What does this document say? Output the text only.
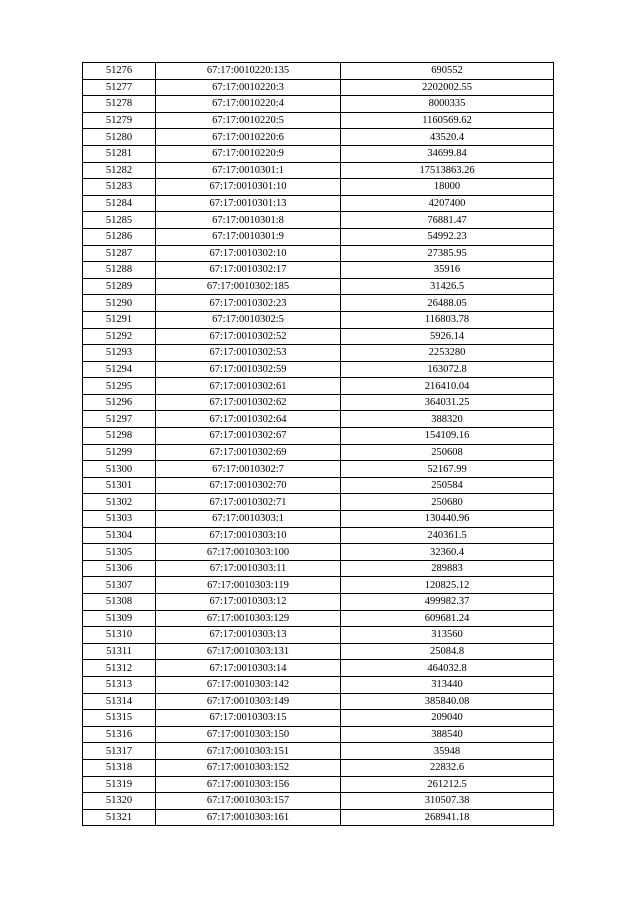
51276	67:17:0010220:135	690552
51277	67:17:0010220:3	2202002.55
51278	67:17:0010220:4	8000335
51279	67:17:0010220:5	1160569.62
51280	67:17:0010220:6	43520.4
51281	67:17:0010220:9	34699.84
51282	67:17:0010301:1	17513863.26
51283	67:17:0010301:10	18000
51284	67:17:0010301:13	4207400
51285	67:17:0010301:8	76881.47
51286	67:17:0010301:9	54992.23
51287	67:17:0010302:10	27385.95
51288	67:17:0010302:17	35916
51289	67:17:0010302:185	31426.5
51290	67:17:0010302:23	26488.05
51291	67:17:0010302:5	116803.78
51292	67:17:0010302:52	5926.14
51293	67:17:0010302:53	2253280
51294	67:17:0010302:59	163072.8
51295	67:17:0010302:61	216410.04
51296	67:17:0010302:62	364031.25
51297	67:17:0010302:64	388320
51298	67:17:0010302:67	154109.16
51299	67:17:0010302:69	250608
51300	67:17:0010302:7	52167.99
51301	67:17:0010302:70	250584
51302	67:17:0010302:71	250680
51303	67:17:0010303:1	130440.96
51304	67:17:0010303:10	240361.5
51305	67:17:0010303:100	32360.4
51306	67:17:0010303:11	289883
51307	67:17:0010303:119	120825.12
51308	67:17:0010303:12	499982.37
51309	67:17:0010303:129	609681.24
51310	67:17:0010303:13	313560
51311	67:17:0010303:131	25084.8
51312	67:17:0010303:14	464032.8
51313	67:17:0010303:142	313440
51314	67:17:0010303:149	385840.08
51315	67:17:0010303:15	209040
51316	67:17:0010303:150	388540
51317	67:17:0010303:151	35948
51318	67:17:0010303:152	22832.6
51319	67:17:0010303:156	261212.5
51320	67:17:0010303:157	310507.38
51321	67:17:0010303:161	268941.18
